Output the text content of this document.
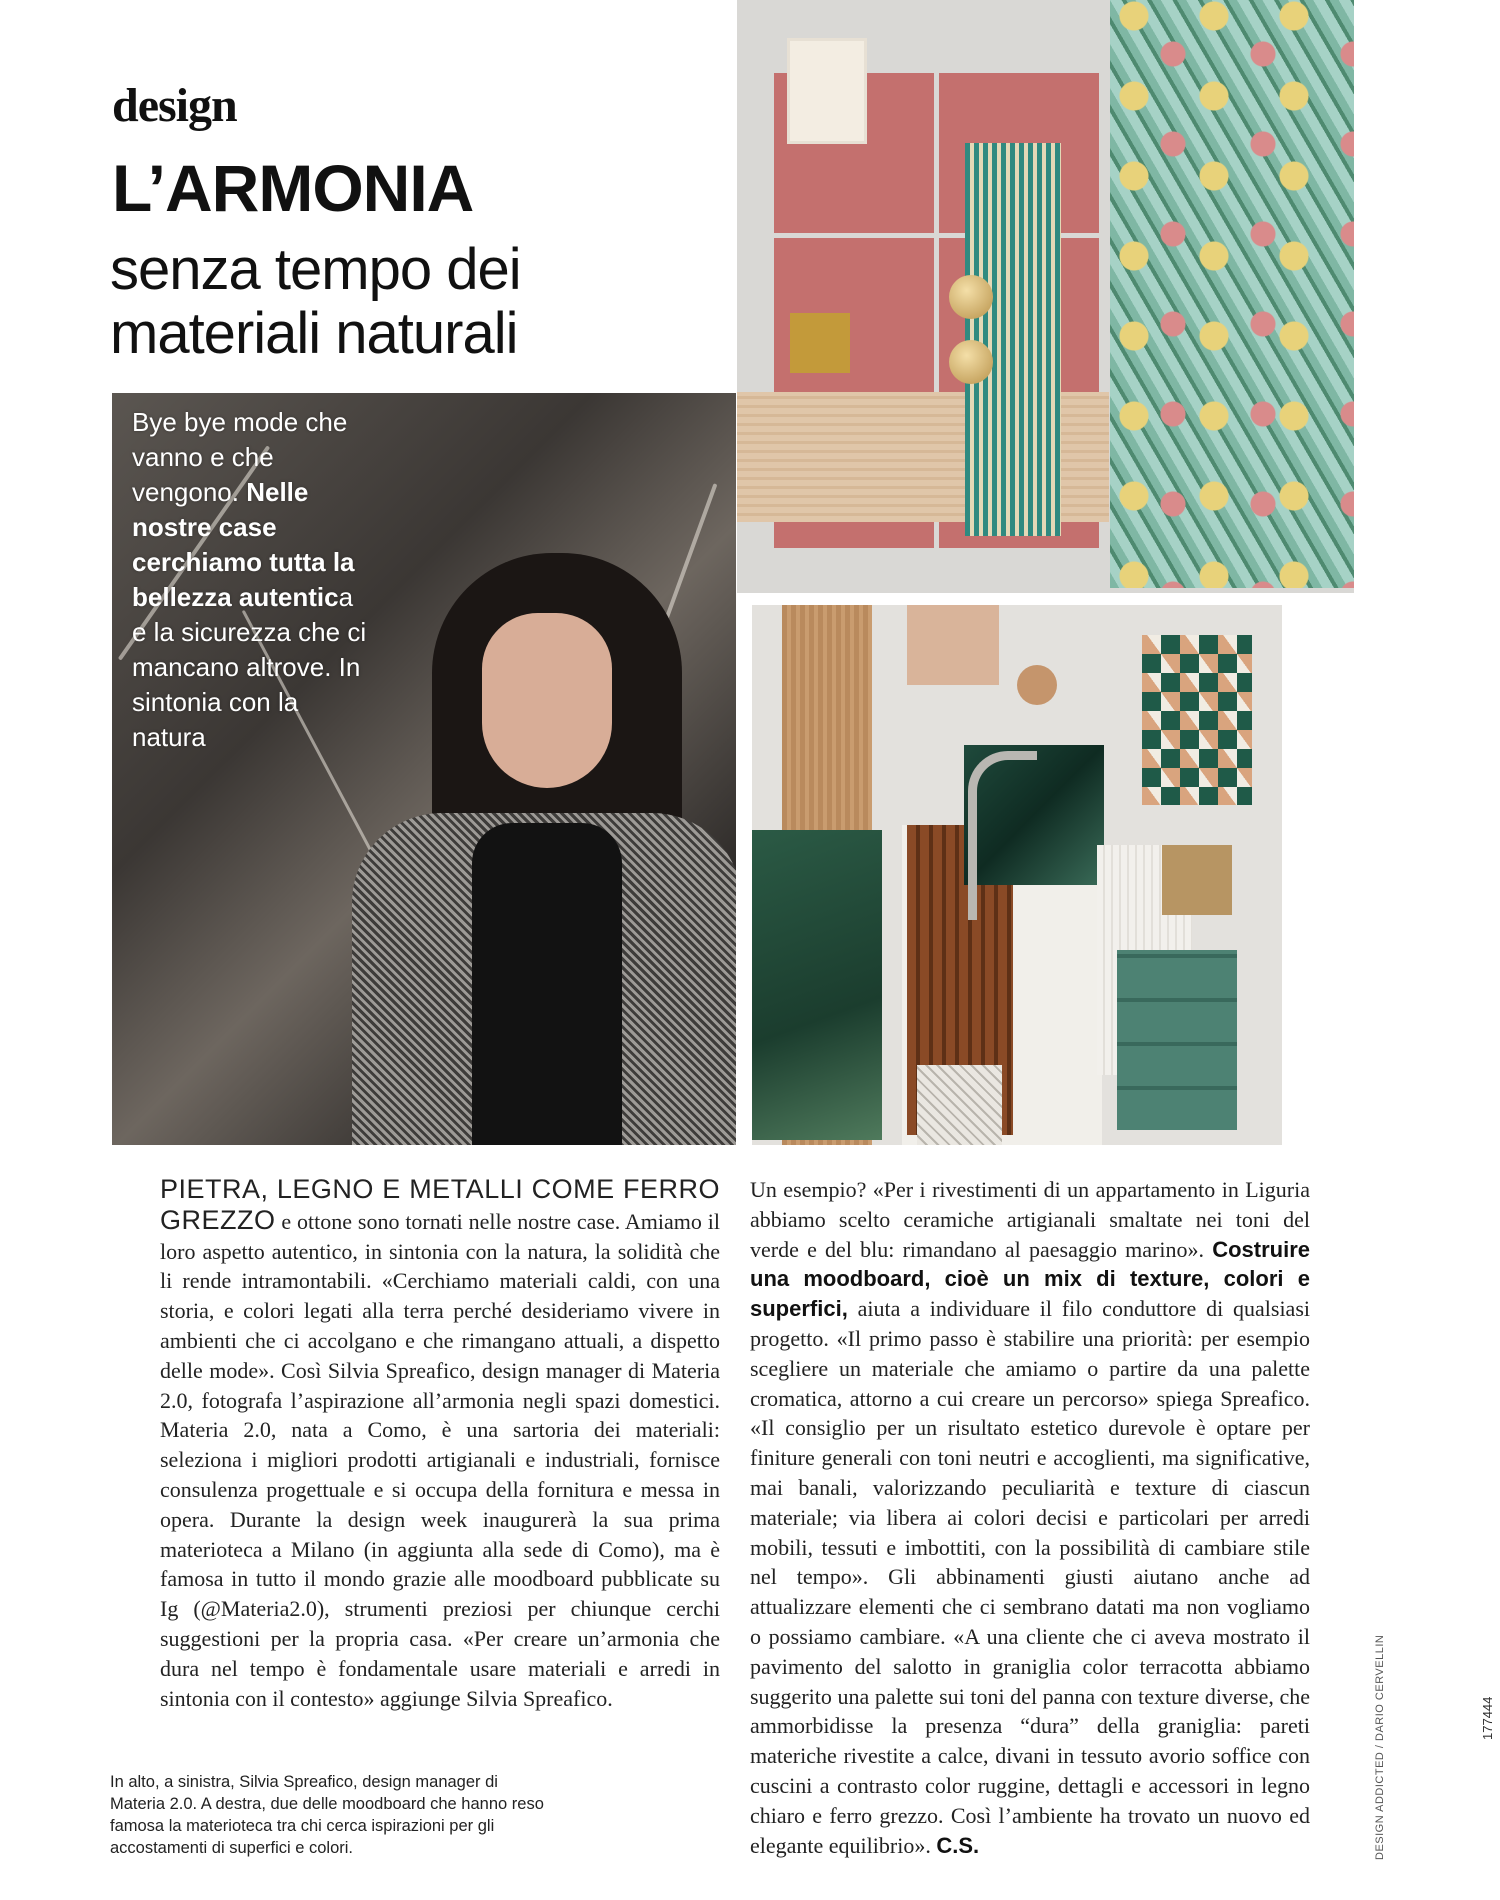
design
L’ARMONIA
senza tempo dei materiali naturali
Bye bye mode che vanno e che vengono. Nelle nostre case cerchiamo tutta la bellezza autentica e la sicurezza che ci mancano altrove. In sintonia con la natura
PIETRA, LEGNO E METALLI COME FERRO GREZZO e ottone sono tornati nelle nostre case. Amiamo il loro aspetto autentico, in sintonia con la natura, la solidità che li rende intramontabili. «Cerchiamo materiali caldi, con una storia, e colori legati alla terra perché desideriamo vivere in ambienti che ci accolgano e che rimangano attuali, a dispetto delle mode». Così Silvia Spreafico, design manager di Materia 2.0, fotografa l’aspirazione all’armonia negli spazi domestici. Materia 2.0, nata a Como, è una sartoria dei materiali: seleziona i migliori prodotti artigianali e industriali, fornisce consulenza progettuale e si occupa della fornitura e messa in opera. Durante la design week inaugurerà la sua prima materioteca a Milano (in aggiunta alla sede di Como), ma è famosa in tutto il mondo grazie alle moodboard pubblicate su Ig (@Materia2.0), strumenti preziosi per chiunque cerchi suggestioni per la propria casa. «Per creare un’armonia che dura nel tempo è fondamentale usare materiali e arredi in sintonia con il contesto» aggiunge Silvia Spreafico.
Un esempio? «Per i rivestimenti di un appartamento in Liguria abbiamo scelto ceramiche artigianali smaltate nei toni del verde e del blu: rimandano al paesaggio marino». Costruire una moodboard, cioè un mix di texture, colori e superfici, aiuta a individuare il filo conduttore di qualsiasi progetto. «Il primo passo è stabilire una priorità: per esempio scegliere un materiale che amiamo o partire da una palette cromatica, attorno a cui creare un percorso» spiega Spreafico. «Il consiglio per un risultato estetico durevole è optare per finiture generali con toni neutri e accoglienti, ma significative, mai banali, valorizzando peculiarità e texture di ciascun materiale; via libera ai colori decisi e particolari per arredi mobili, tessuti e imbottiti, con la possibilità di cambiare stile nel tempo». Gli abbinamenti giusti aiutano anche ad attualizzare elementi che ci sembrano datati ma non vogliamo o possiamo cambiare. «A una cliente che ci aveva mostrato il pavimento del salotto in graniglia color terracotta abbiamo suggerito una palette sui toni del panna con texture diverse, che ammorbidisse la presenza “dura” della graniglia: pareti materiche rivestite a calce, divani in tessuto avorio soffice con cuscini a contrasto color ruggine, dettagli e accessori in legno chiaro e ferro grezzo. Così l’ambiente ha trovato un nuovo ed elegante equilibrio». C.S.
In alto, a sinistra, Silvia Spreafico, design manager di Materia 2.0. A destra, due delle moodboard che hanno reso famosa la materioteca tra chi cerca ispirazioni per gli accostamenti di superfici e colori.	DESIGN ADDICTED / DARIO CERVELLIN	177444
